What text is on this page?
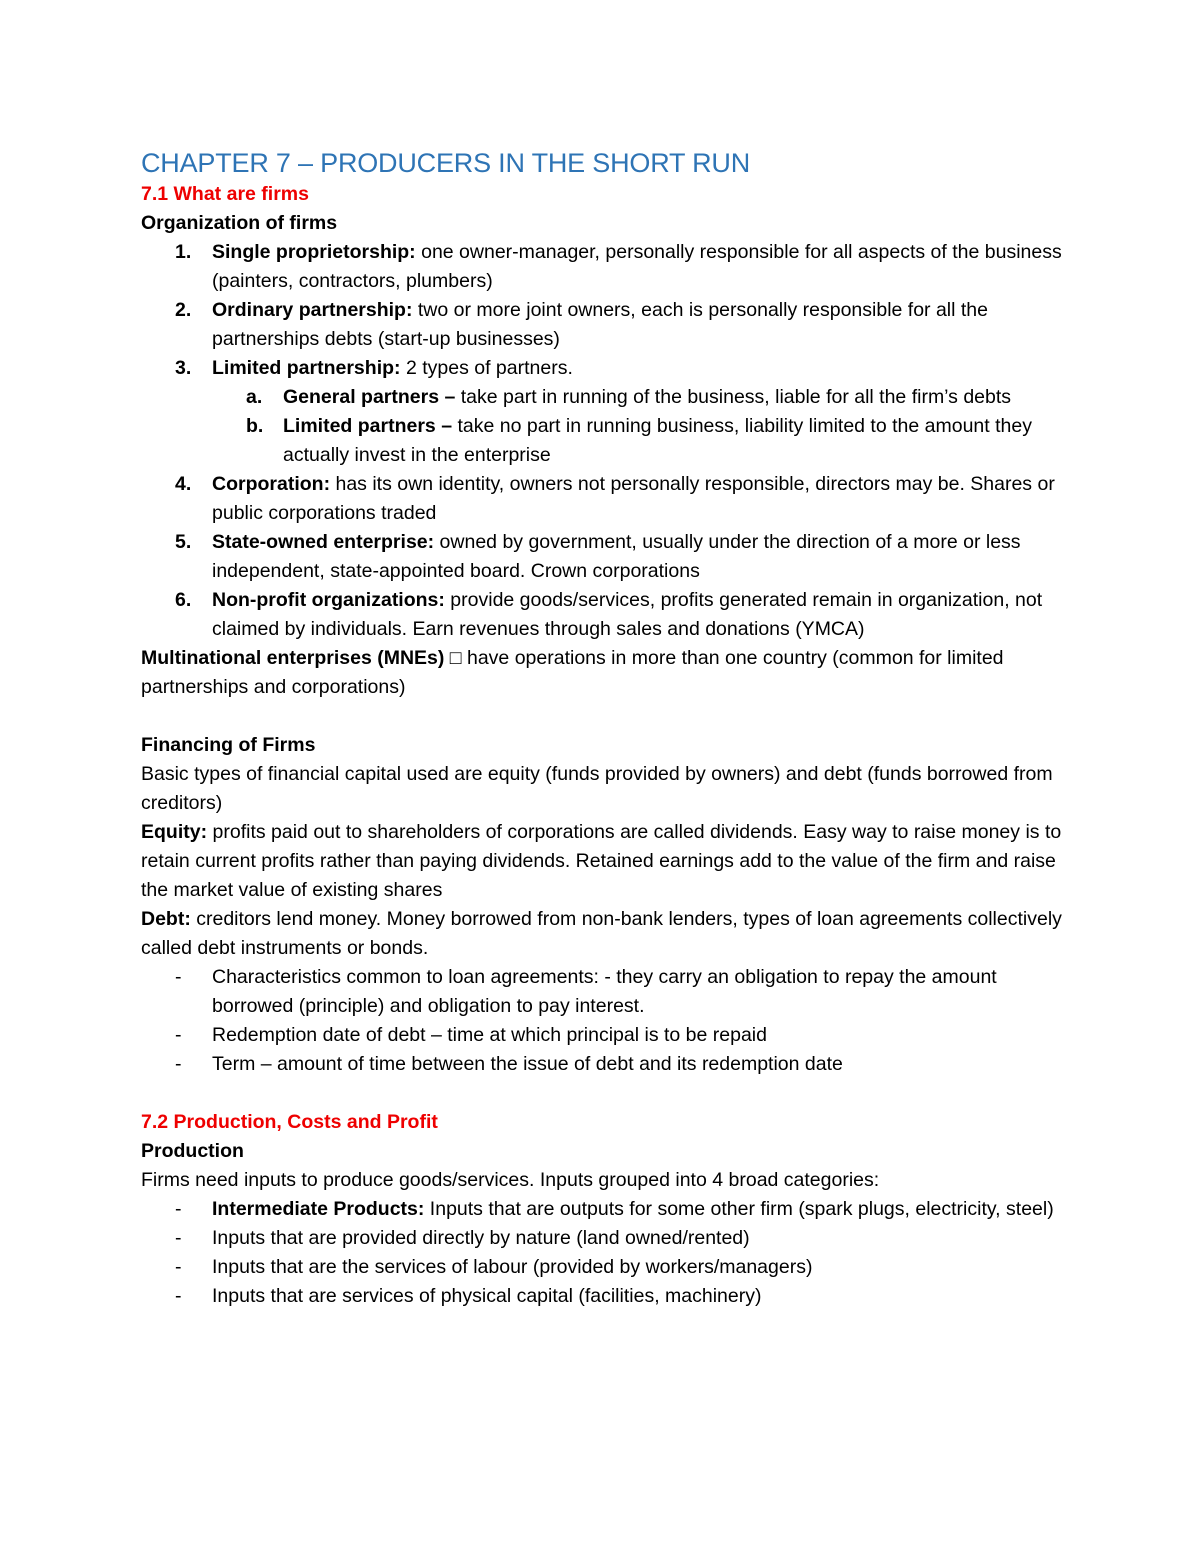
CHAPTER 7 – PRODUCERS IN THE SHORT RUN

7.1 What are firms

Organization of firms

1. Single proprietorship: one owner-manager, personally responsible for all aspects of the business (painters, contractors, plumbers)
2. Ordinary partnership: two or more joint owners, each is personally responsible for all the partnerships debts (start-up businesses)
3. Limited partnership: 2 types of partners.
a. General partners – take part in running of the business, liable for all the firm’s debts
b. Limited partners – take no part in running business, liability limited to the amount they actually invest in the enterprise
4. Corporation: has its own identity, owners not personally responsible, directors may be. Shares or public corporations traded
5. State-owned enterprise: owned by government, usually under the direction of a more or less independent, state-appointed board. Crown corporations
6. Non-profit organizations: provide goods/services, profits generated remain in organization, not claimed by individuals. Earn revenues through sales and donations (YMCA)

Multinational enterprises (MNEs) □ have operations in more than one country (common for limited partnerships and corporations)

Financing of Firms

Basic types of financial capital used are equity (funds provided by owners) and debt (funds borrowed from creditors)

Equity: profits paid out to shareholders of corporations are called dividends. Easy way to raise money is to retain current profits rather than paying dividends. Retained earnings add to the value of the firm and raise the market value of existing shares

Debt: creditors lend money. Money borrowed from non-bank lenders, types of loan agreements collectively called debt instruments or bonds.

- Characteristics common to loan agreements: - they carry an obligation to repay the amount borrowed (principle) and obligation to pay interest.
- Redemption date of debt – time at which principal is to be repaid
- Term – amount of time between the issue of debt and its redemption date

7.2 Production, Costs and Profit

Production

Firms need inputs to produce goods/services. Inputs grouped into 4 broad categories:

- Intermediate Products: Inputs that are outputs for some other firm (spark plugs, electricity, steel)
- Inputs that are provided directly by nature (land owned/rented)
- Inputs that are the services of labour (provided by workers/managers)
- Inputs that are services of physical capital (facilities, machinery)
